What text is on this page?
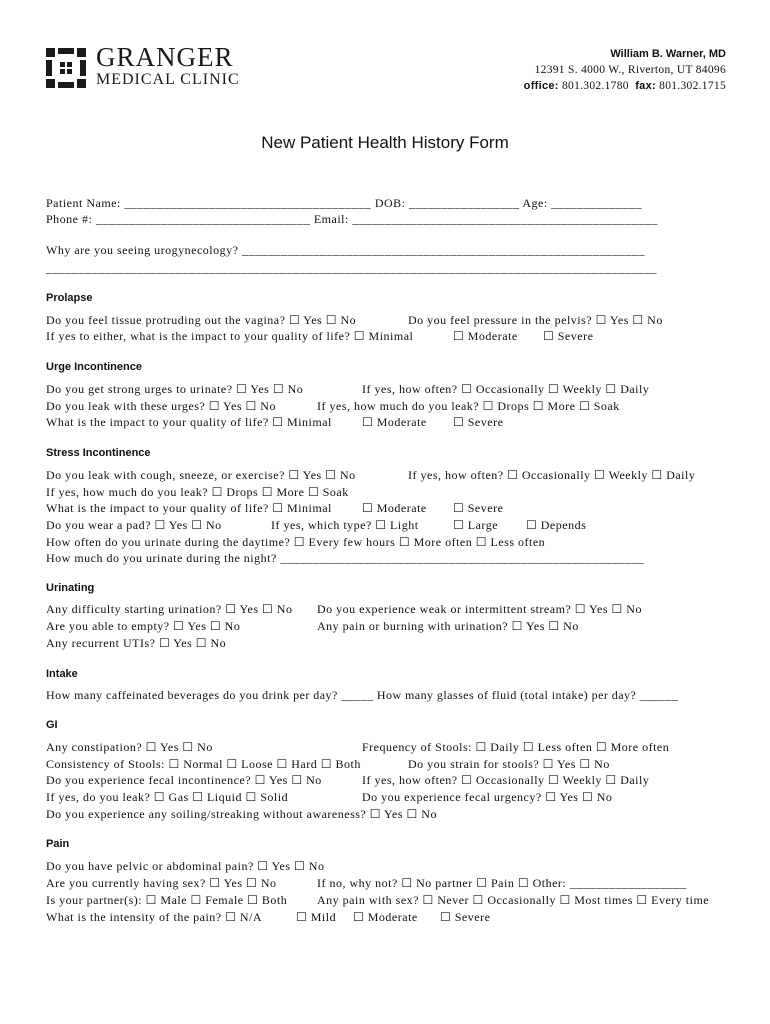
GRANGER
MEDICAL CLINIC
William B. Warner, MD
12391 S. 4000 W., Riverton, UT 84096
office: 801.302.1780 fax: 801.302.1715
New Patient Health History Form
Patient Name: ______________________________________ DOB: _________________ Age: ______________
Phone #: _________________________________ Email: _______________________________________________
Why are you seeing urogynecology? ______________________________________________________________
______________________________________________________________________________________________
Prolapse
Do you feel tissue protruding out the vagina? ☐ Yes ☐ No	Do you feel pressure in the pelvis? ☐ Yes ☐ No
If yes to either, what is the impact to your quality of life? ☐ Minimal	☐ Moderate ☐ Severe
Urge Incontinence
Do you get strong urges to urinate? ☐ Yes ☐ No	If yes, how often? ☐ Occasionally ☐ Weekly ☐ Daily
Do you leak with these urges? ☐ Yes ☐ No	If yes, how much do you leak? ☐ Drops ☐ More ☐ Soak
What is the impact to your quality of life? ☐ Minimal	☐ Moderate ☐ Severe
Stress Incontinence
Do you leak with cough, sneeze, or exercise? ☐ Yes ☐ No	If yes, how often? ☐ Occasionally ☐ Weekly ☐ Daily
If yes, how much do you leak? ☐ Drops ☐ More ☐ Soak
What is the impact to your quality of life? ☐ Minimal	☐ Moderate ☐ Severe
Do you wear a pad? ☐ Yes ☐ No	If yes, which type? ☐ Light	☐ Large ☐ Depends
How often do you urinate during the daytime? ☐ Every few hours ☐ More often ☐ Less often
How much do you urinate during the night? ________________________________________________________
Urinating
Any difficulty starting urination? ☐ Yes ☐ No Do you experience weak or intermittent stream? ☐ Yes ☐ No
Are you able to empty? ☐ Yes ☐ No	Any pain or burning with urination? ☐ Yes ☐ No
Any recurrent UTIs? ☐ Yes ☐ No
Intake
How many caffeinated beverages do you drink per day? _____ How many glasses of fluid (total intake) per day? ______
GI
Any constipation? ☐ Yes ☐ No	Frequency of Stools: ☐ Daily ☐ Less often ☐ More often
Consistency of Stools: ☐ Normal ☐ Loose ☐ Hard ☐ Both	Do you strain for stools? ☐ Yes ☐ No
Do you experience fecal incontinence? ☐ Yes ☐ No	If yes, how often? ☐ Occasionally ☐ Weekly ☐ Daily
If yes, do you leak? ☐ Gas ☐ Liquid ☐ Solid	Do you experience fecal urgency? ☐ Yes ☐ No
Do you experience any soiling/streaking without awareness? ☐ Yes ☐ No
Pain
Do you have pelvic or abdominal pain? ☐ Yes ☐ No
Are you currently having sex? ☐ Yes ☐ No	If no, why not? ☐ No partner ☐ Pain ☐ Other: __________________
Is your partner(s): ☐ Male ☐ Female ☐ Both Any pain with sex? ☐ Never ☐ Occasionally ☐ Most times ☐ Every time
What is the intensity of the pain? ☐ N/A	☐ Mild ☐ Moderate ☐ Severe
